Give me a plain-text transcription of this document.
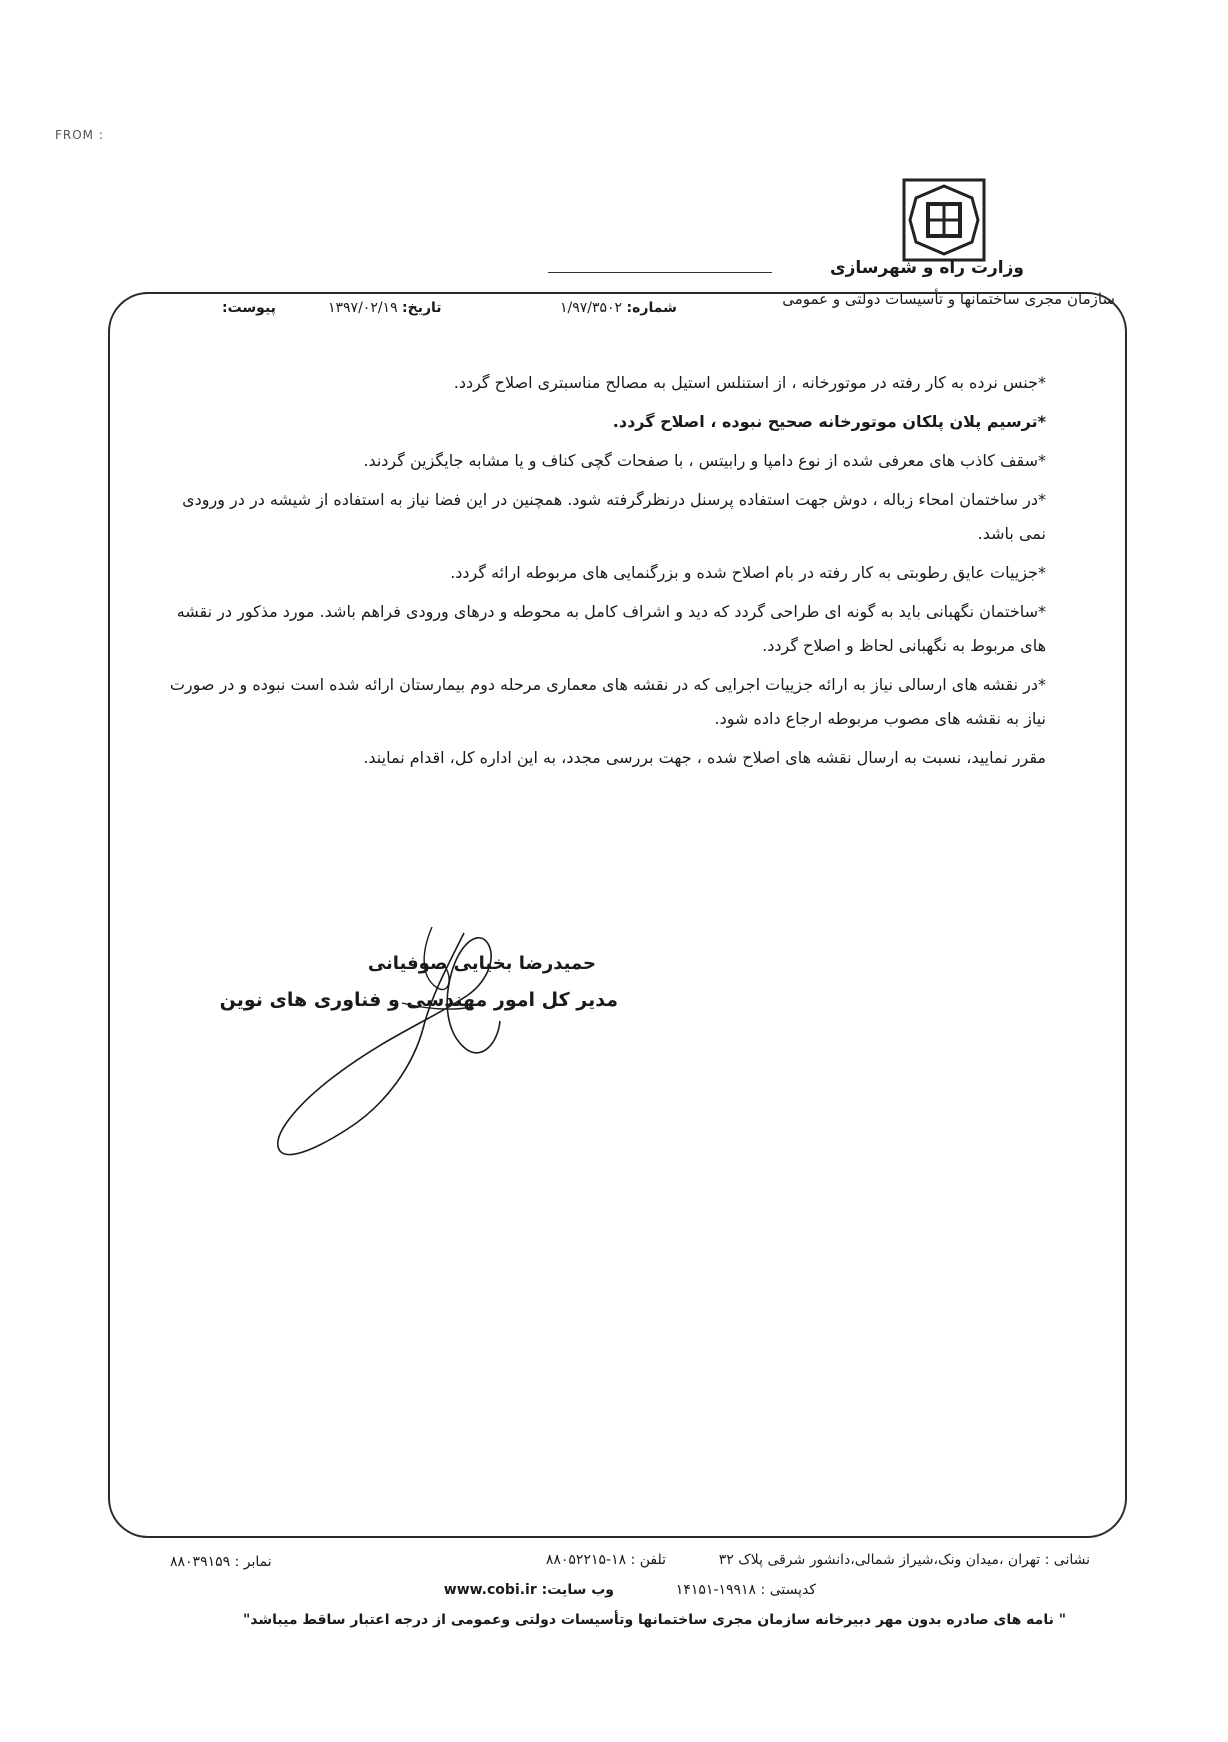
FROM :
وزارت راه و شهرسازی
سازمان مجری ساختمانها و تأسیسات دولتی و عمومی
شماره: ۱/۹۷/۳۵۰۲
تاریخ: ۱۳۹۷/۰۲/۱۹
پیوست:

*جنس نرده به کار رفته در موتورخانه ، از استنلس استیل به مصالح مناسبتری اصلاح گردد.

*ترسیم پلان پلکان موتورخانه صحیح نبوده ، اصلاح گردد.

*سقف کاذب های معرفی شده از نوع دامپا و رابیتس ، با صفحات گچی کناف و یا مشابه جایگزین گردند.

*در ساختمان امحاء زباله ، دوش جهت استفاده پرسنل درنظرگرفته شود. همچنین در این فضا نیاز به استفاده از شیشه در در ورودی نمی باشد.

*جزییات عایق رطوبتی به کار رفته در بام اصلاح شده و بزرگنمایی های مربوطه ارائه گردد.

*ساختمان نگهبانی باید به گونه ای طراحی گردد که دید و اشراف کامل به محوطه و درهای ورودی فراهم باشد. مورد مذکور در نقشه های مربوط به نگهبانی لحاظ و اصلاح گردد.

*در نقشه های ارسالی نیاز به ارائه جزییات اجرایی که در نقشه های معماری مرحله دوم بیمارستان ارائه شده است نبوده و در صورت نیاز به نقشه های مصوب مربوطه ارجاع داده شود.

مقرر نمایید، نسبت به ارسال نقشه های اصلاح شده ، جهت بررسی مجدد، به این اداره کل، اقدام نمایند.

حمیدرضا بخیایی صوفیانی
مدیر کل امور مهندسی و فناوری های نوین
نشانی : تهران ،میدان ونک،شیراز شمالی،دانشور شرقی پلاک ۳۲
تلفن : ۱۸-۸۸۰۵۲۲۱۵
نمابر : ۸۸۰۳۹۱۵۹
کدپستی : ۱۹۹۱۸-۱۴۱۵۱
وب سایت: www.cobi.ir
" نامه های صادره بدون مهر دبیرخانه سازمان مجری ساختمانها وتأسیسات دولتی وعمومی از درجه اعتبار ساقط میباشد"
